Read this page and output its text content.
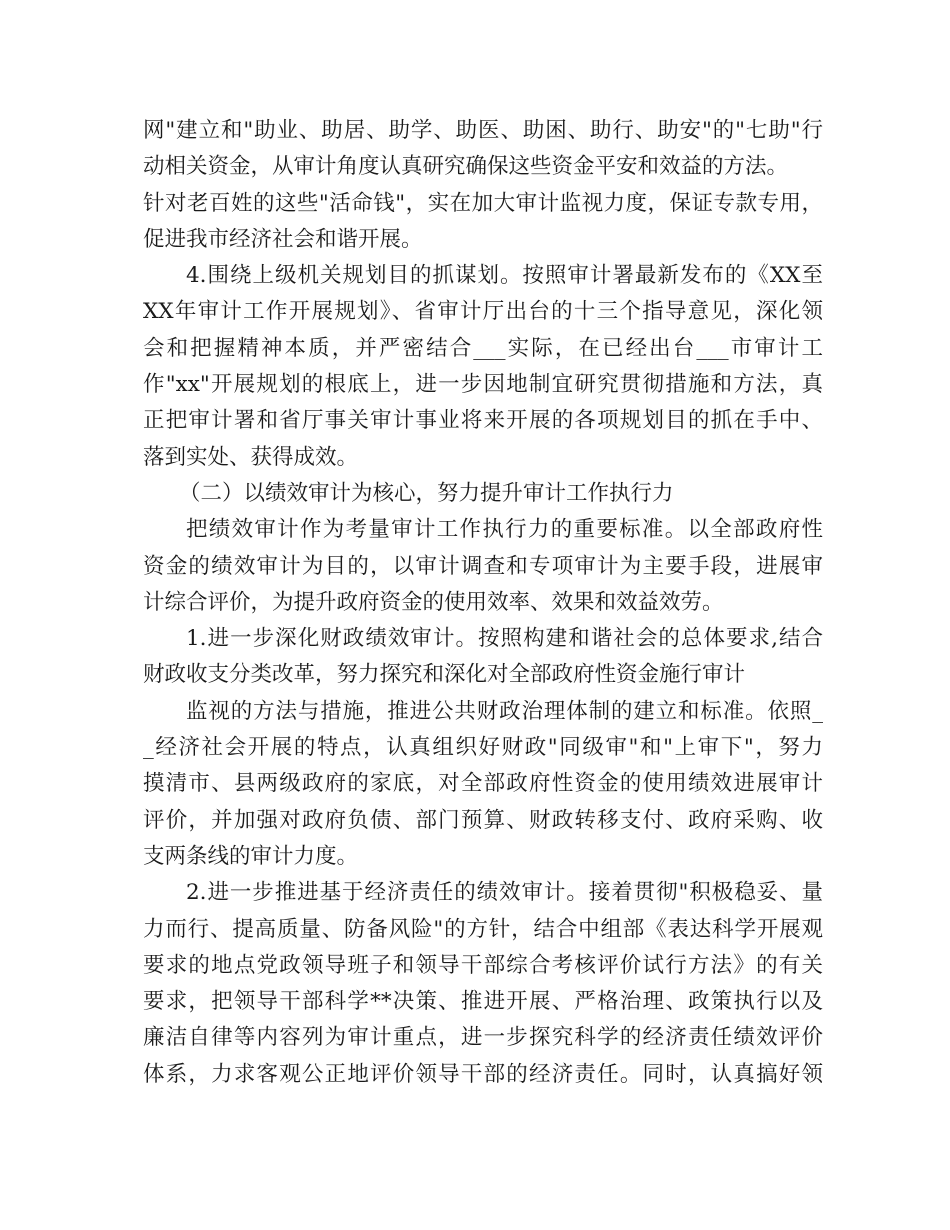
网"建立和"助业、助居、助学、助医、助困、助行、助安"的"七助"行
动相关资金，从审计角度认真研究确保这些资金平安和效益的方法。
针对老百姓的这些"活命钱"，实在加大审计监视力度，保证专款专用，
促进我市经济社会和谐开展。
4.围绕上级机关规划目的抓谋划。按照审计署最新发布的《XX至
XX年审计工作开展规划》、省审计厅出台的十三个指导意见，深化领
会和把握精神本质，并严密结合___实际，在已经出台___市审计工
作"xx"开展规划的根底上，进一步因地制宜研究贯彻措施和方法，真
正把审计署和省厅事关审计事业将来开展的各项规划目的抓在手中、
落到实处、获得成效。
（二）以绩效审计为核心，努力提升审计工作执行力
把绩效审计作为考量审计工作执行力的重要标准。以全部政府性
资金的绩效审计为目的，以审计调查和专项审计为主要手段，进展审
计综合评价，为提升政府资金的使用效率、效果和效益效劳。
1.进一步深化财政绩效审计。按照构建和谐社会的总体要求,结合
财政收支分类改革，努力探究和深化对全部政府性资金施行审计
监视的方法与措施，推进公共财政治理体制的建立和标准。依照_
_经济社会开展的特点，认真组织好财政"同级审"和"上审下"，努力
摸清市、县两级政府的家底，对全部政府性资金的使用绩效进展审计
评价，并加强对政府负债、部门预算、财政转移支付、政府采购、收
支两条线的审计力度。
2.进一步推进基于经济责任的绩效审计。接着贯彻"积极稳妥、量
力而行、提高质量、防备风险"的方针，结合中组部《表达科学开展观
要求的地点党政领导班子和领导干部综合考核评价试行方法》的有关
要求，把领导干部科学**决策、推进开展、严格治理、政策执行以及
廉洁自律等内容列为审计重点，进一步探究科学的经济责任绩效评价
体系，力求客观公正地评价领导干部的经济责任。同时，认真搞好领
